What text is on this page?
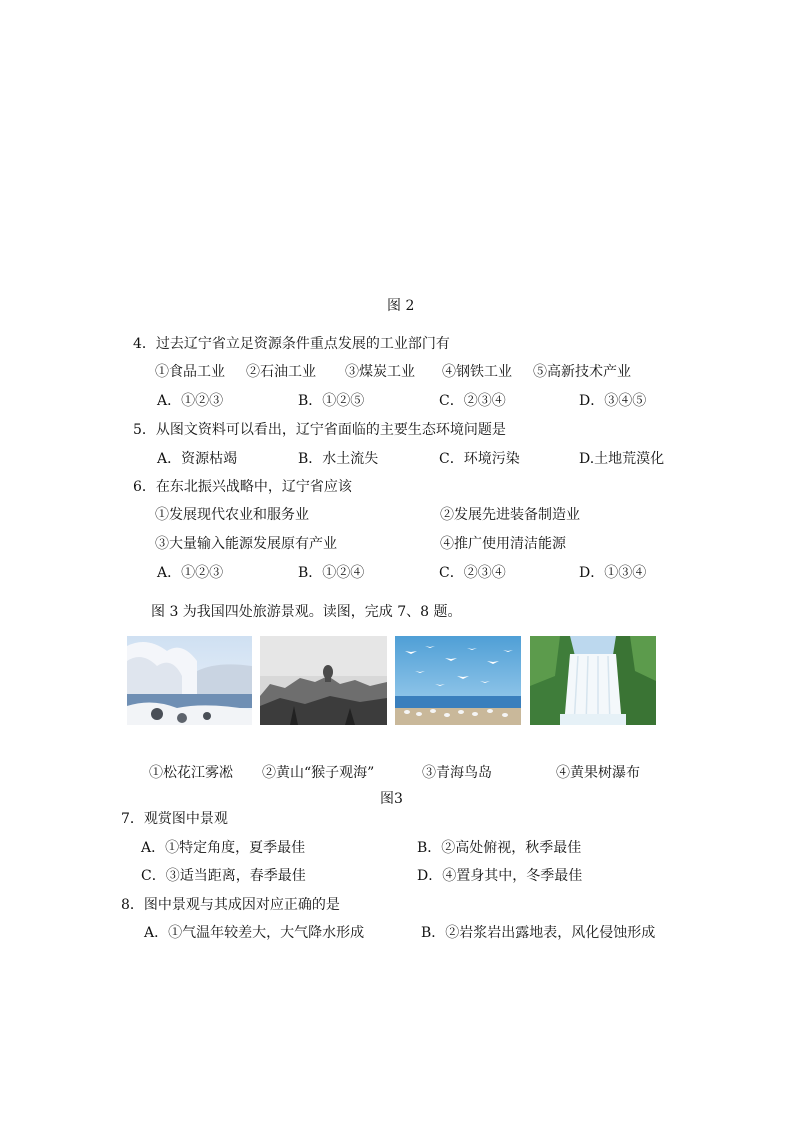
图 2
4．过去辽宁省立足资源条件重点发展的工业部门有
①食品工业 ②石油工业 ③煤炭工业 ④钢铁工业 ⑤高新技术产业
A．①②③	B．①②⑤	C．②③④	D．③④⑤
5．从图文资料可以看出，辽宁省面临的主要生态环境问题是
A．资源枯竭	B．水土流失	C．环境污染	D.土地荒漠化
6．在东北振兴战略中，辽宁省应该
①发展现代农业和服务业	②发展先进装备制造业
③大量输入能源发展原有产业	④推广使用清洁能源
A．①②③	B．①②④	C．②③④	D．①③④
图 3 为我国四处旅游景观。读图，完成 7、8 题。
①松花江雾凇 ②黄山“猴子观海”	③青海鸟岛	④黄果树瀑布
图3
7．观赏图中景观
A．①特定角度，夏季最佳	B．②高处俯视，秋季最佳
C．③适当距离，春季最佳	D．④置身其中，冬季最佳
8．图中景观与其成因对应正确的是
A．①气温年较差大，大气降水形成	B．②岩浆岩出露地表，风化侵蚀形成
